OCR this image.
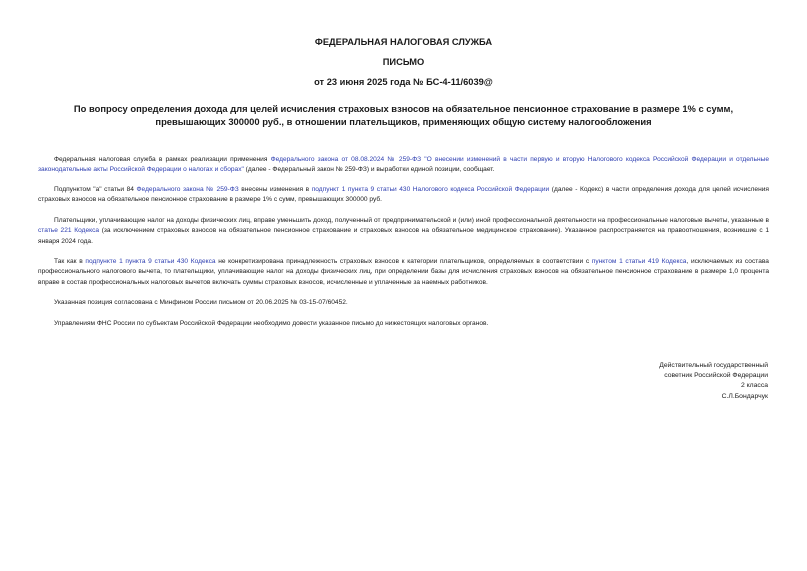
ФЕДЕРАЛЬНАЯ НАЛОГОВАЯ СЛУЖБА
ПИСЬМО
от 23 июня 2025 года № БС-4-11/6039@
По вопросу определения дохода для целей исчисления страховых взносов на обязательное пенсионное страхование в размере 1% с сумм, превышающих 300000 руб., в отношении плательщиков, применяющих общую систему налогообложения
Федеральная налоговая служба в рамках реализации применения Федерального закона от 08.08.2024 № 259-ФЗ "О внесении изменений в части первую и вторую Налогового кодекса Российской Федерации и отдельные законодательные акты Российской Федерации о налогах и сборах" (далее - Федеральный закон № 259-ФЗ) и выработки единой позиции, сообщает.
Подпунктом "а" статьи 84 Федерального закона № 259-ФЗ внесены изменения в подпункт 1 пункта 9 статьи 430 Налогового кодекса Российской Федерации (далее - Кодекс) в части определения дохода для целей исчисления страховых взносов на обязательное пенсионное страхование в размере 1% с сумм, превышающих 300000 руб.
Плательщики, уплачивающие налог на доходы физических лиц, вправе уменьшить доход, полученный от предпринимательской и (или) иной профессиональной деятельности на профессиональные налоговые вычеты, указанные в статье 221 Кодекса (за исключением страховых взносов на обязательное пенсионное страхование и страховых взносов на обязательное медицинское страхование). Указанное распространяется на правоотношения, возникшие с 1 января 2024 года.
Так как в подпункте 1 пункта 9 статьи 430 Кодекса не конкретизирована принадлежность страховых взносов к категории плательщиков, определяемых в соответствии с пунктом 1 статьи 419 Кодекса, исключаемых из состава профессионального налогового вычета, то плательщики, уплачивающие налог на доходы физических лиц, при определении базы для исчисления страховых взносов на обязательное пенсионное страхование в размере 1,0 процента вправе в состав профессиональных налоговых вычетов включать суммы страховых взносов, исчисленные и уплаченные за наемных работников.
Указанная позиция согласована с Минфином России письмом от 20.06.2025 № 03-15-07/60452.
Управлениям ФНС России по субъектам Российской Федерации необходимо довести указанное письмо до нижестоящих налоговых органов.
Действительный государственный
советник Российской Федерации
2 класса
С.Л.Бондарчук
